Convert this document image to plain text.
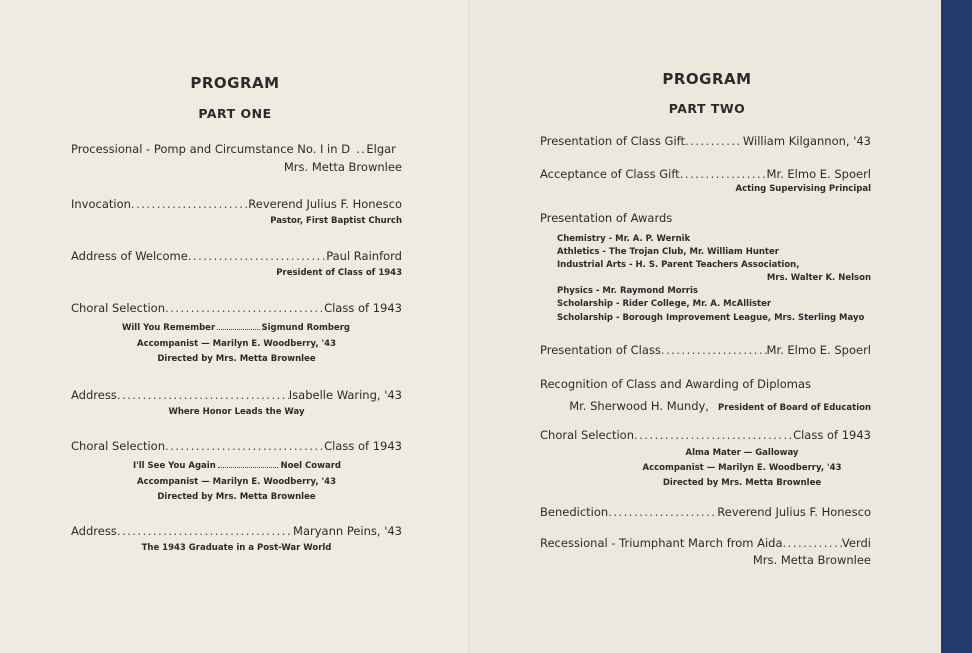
PROGRAM
PART ONE
Processional - Pomp and Circumstance No. I in D .. Elgar
Mrs. Metta Brownlee
Invocation .....	Reverend Julius F. Honesco
Pastor, First Baptist Church
Address of Welcome .....	Paul Rainford
President of Class of 1943
Choral Selection .....	Class of 1943
Will You Remember	Sigmund Romberg
Accompanist — Marilyn E. Woodberry, '43
Directed by Mrs. Metta Brownlee
Address .....	Isabelle Waring, '43
Where Honor Leads the Way
Choral Selection .....	Class of 1943
I'll See You Again	Noel Coward
Accompanist — Marilyn E. Woodberry, '43
Directed by Mrs. Metta Brownlee
Address .....	Maryann Peins, '43
The 1943 Graduate in a Post-War World
PROGRAM
PART TWO
Presentation of Class Gift .....	William Kilgannon, '43
Acceptance of Class Gift .....	Mr. Elmo E. Spoerl
Acting Supervising Principal
Presentation of Awards
Chemistry - Mr. A. P. Wernik
Athletics - The Trojan Club, Mr. William Hunter
Industrial Arts - H. S. Parent Teachers Association,
Mrs. Walter K. Nelson
Physics - Mr. Raymond Morris
Scholarship - Rider College, Mr. A. McAllister
Scholarship - Borough Improvement League, Mrs. Sterling Mayo
Presentation of Class .....	Mr. Elmo E. Spoerl
Recognition of Class and Awarding of Diplomas
Mr. Sherwood H. Mundy, President of Board of Education
Choral Selection .....	Class of 1943
Alma Mater — Galloway
Accompanist — Marilyn E. Woodberry, '43
Directed by Mrs. Metta Brownlee
Benediction .....	Reverend Julius F. Honesco
Recessional - Triumphant March from Aida .....	Verdi
Mrs. Metta Brownlee
